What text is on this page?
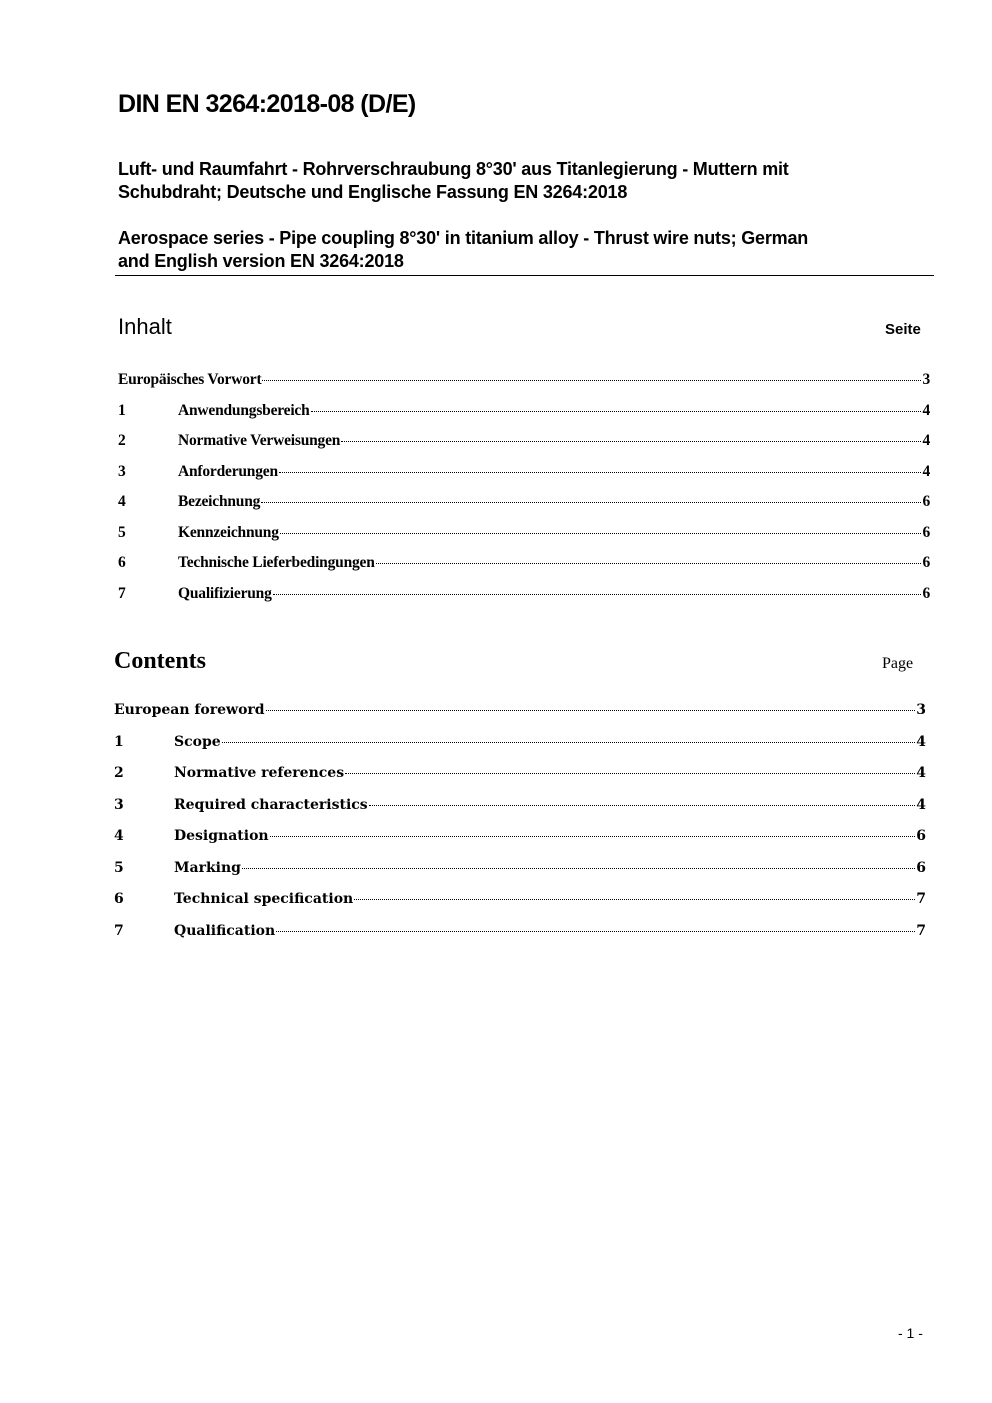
DIN EN 3264:2018-08 (D/E)
Luft- und Raumfahrt - Rohrverschraubung 8°30' aus Titanlegierung - Muttern mit
Schubdraht; Deutsche und Englische Fassung EN 3264:2018
Aerospace series - Pipe coupling 8°30' in titanium alloy - Thrust wire nuts; German
and English version EN 3264:2018
Inhalt	Seite
Europäisches Vorwort	3
1	Anwendungsbereich	4
2	Normative Verweisungen	4
3	Anforderungen	4
4	Bezeichnung	6
5	Kennzeichnung	6
6	Technische Lieferbedingungen	6
7	Qualifizierung	6
Contents	Page
European foreword	3
1	Scope	4
2	Normative references	4
3	Required characteristics	4
4	Designation	6
5	Marking	6
6	Technical specification	7
7	Qualification	7
- 1 -
